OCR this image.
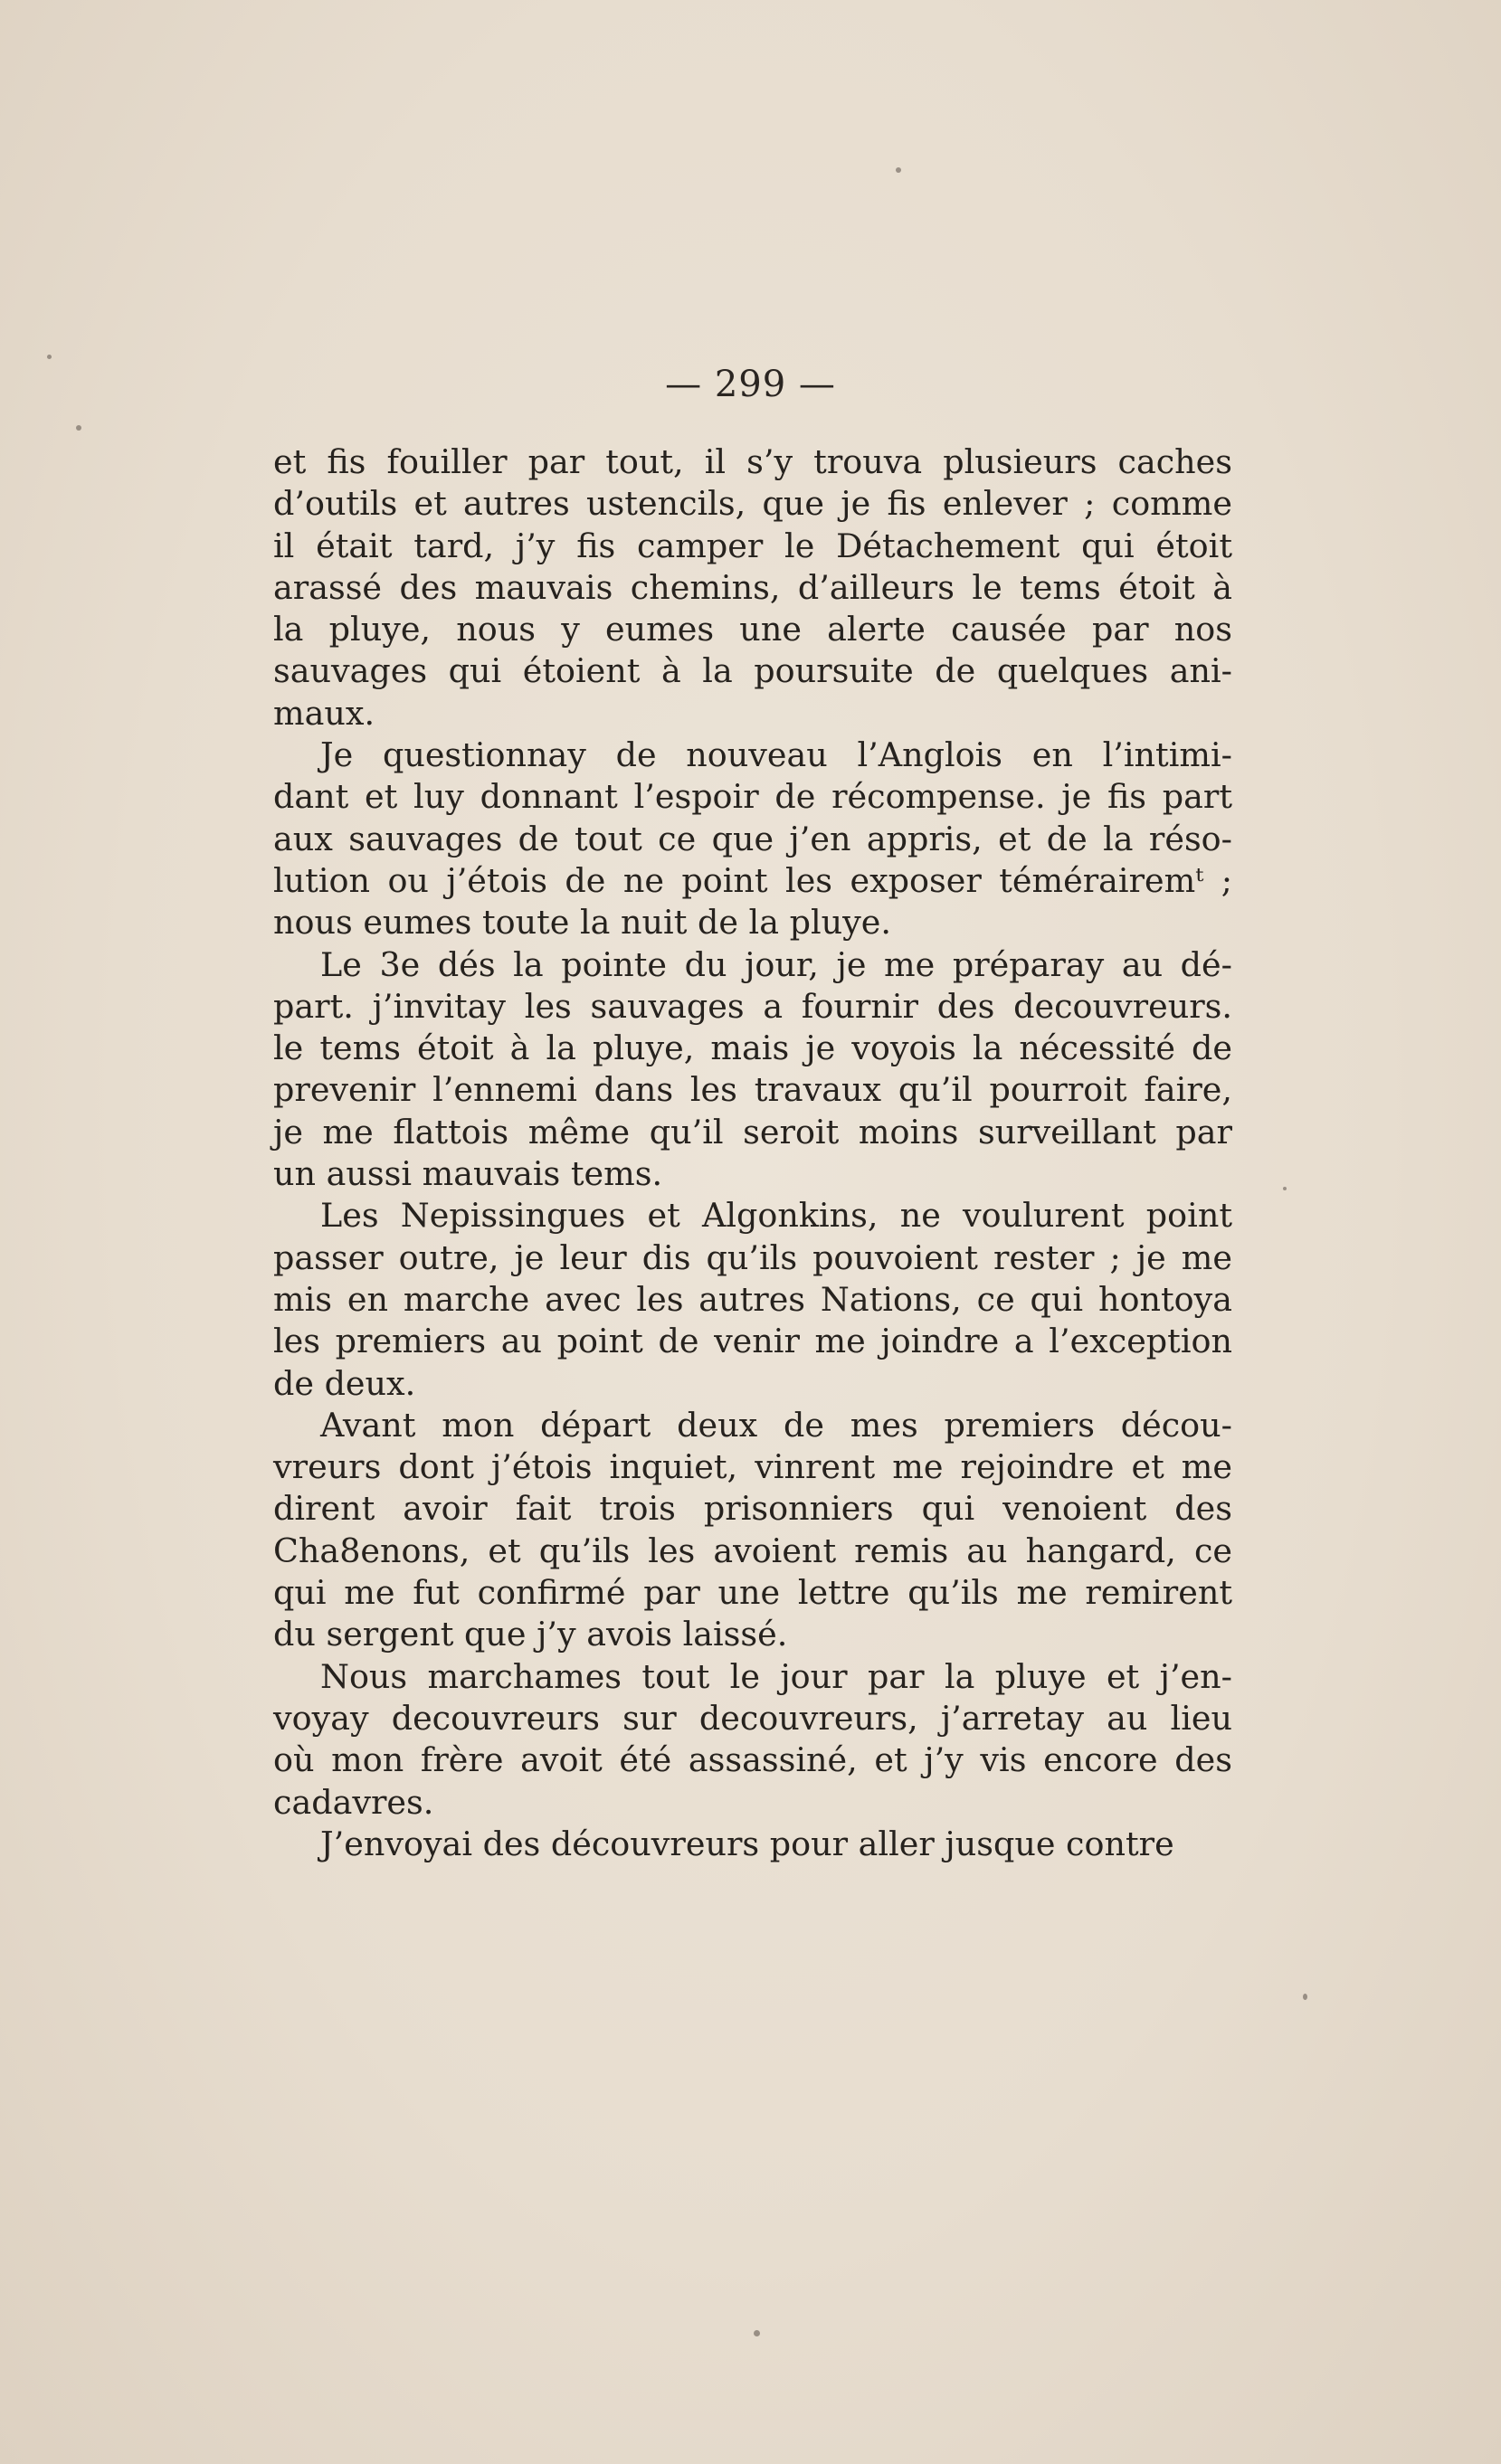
— 299 —
et fis fouiller par tout, il s’y trouva plusieurs caches
d’outils et autres ustencils, que je fis enlever ; comme
il était tard, j’y fis camper le Détachement qui étoit
arassé des mauvais chemins, d’ailleurs le tems étoit à
la pluye, nous y eumes une alerte causée par nos
sauvages qui étoient à la poursuite de quelques ani-
maux.
Je questionnay de nouveau l’Anglois en l’intimi-
dant et luy donnant l’espoir de récompense. je fis part
aux sauvages de tout ce que j’en appris, et de la réso-
lution ou j’étois de ne point les exposer témérairemᵗ ;
nous eumes toute la nuit de la pluye.
Le 3e dés la pointe du jour, je me prépar​ay au dé-
part. j’invitay les sauvages a fournir des decouvreurs.
le tems étoit à la pluye, mais je voyois la nécessité de
prevenir l’ennemi dans les travaux qu’il pourroit faire,
je me flattois même qu’il seroit moins surveillant par
un aussi mauvais tems.
Les Nepissingues et Algonkins, ne voulurent point
passer outre, je leur dis qu’ils pouvoient rester ; je me
mis en marche avec les autres Nations, ce qui hontoya
les premiers au point de venir me joindre a l’exception
de deux.
Avant mon départ deux de mes premiers décou-
vreurs dont j’étois inquiet, vinrent me rejoindre et me
dirent avoir fait trois prisonniers qui venoient des
Cha8enons, et qu’ils les avoient remis au hangard, ce
qui me fut confirmé par une lettre qu’ils me remirent
du sergent que j’y avois laissé.
Nous marchames tout le jour par la pluye et j’en-
voyay decouvreurs sur decouvreurs, j’arretay au lieu
où mon frère avoit été assassiné, et j’y vis encore des
cadavres.
J’envoyai des découvreurs pour aller jusque contre
